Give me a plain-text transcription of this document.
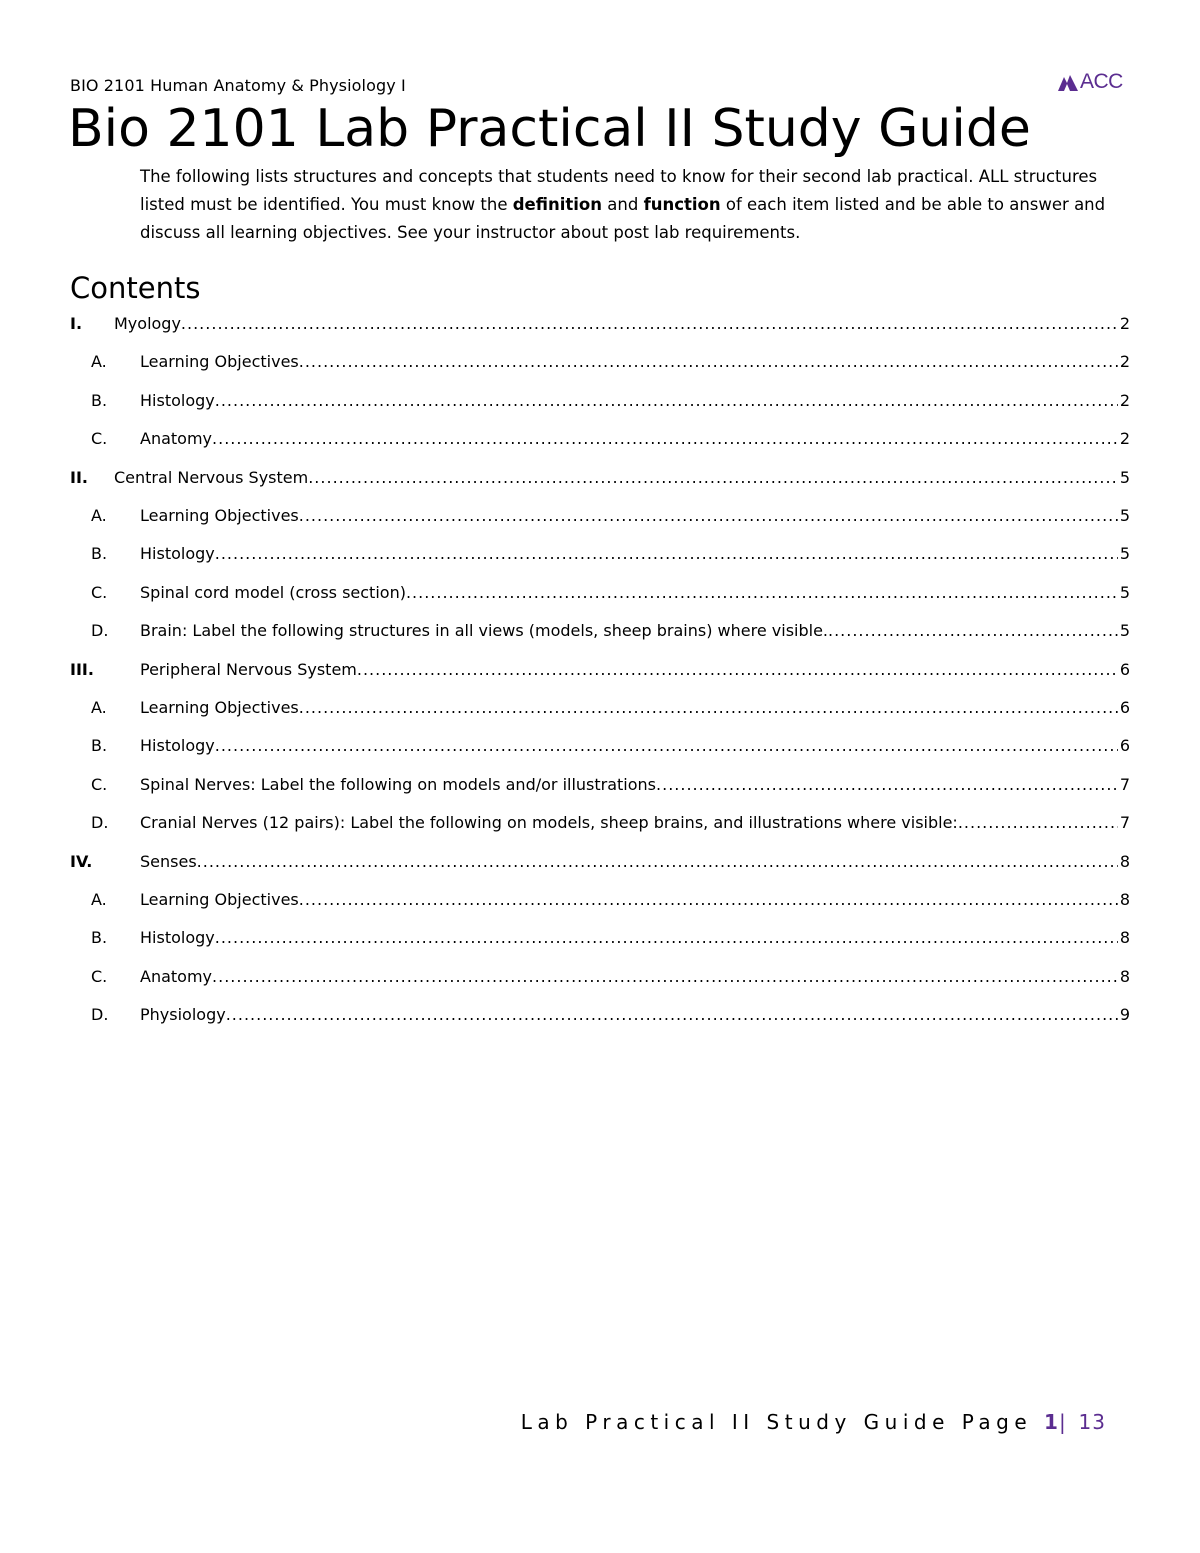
BIO 2101 Human Anatomy & Physiology I	ACC
Bio 2101 Lab Practical II Study Guide
The following lists structures and concepts that students need to know for their second lab practical. ALL structures listed must be identified. You must know the definition and function of each item listed and be able to answer and discuss all learning objectives. See your instructor about post lab requirements.
Contents
I. Myology .....	2
A. Learning Objectives .....	2
B. Histology .....	2
C. Anatomy .....	2
II. Central Nervous System .....	5
A. Learning Objectives .....	5
B. Histology .....	5
C. Spinal cord model (cross section) .....	5
D. Brain: Label the following structures in all views (models, sheep brains) where visible. .....	5
III.	Peripheral Nervous System .....	6
A. Learning Objectives .....	6
B. Histology .....	6
C. Spinal Nerves: Label the following on models and/or illustrations .....	7
D. Cranial Nerves (12 pairs): Label the following on models, sheep brains, and illustrations where visible: .....	7
IV.	Senses .....	8
A. Learning Objectives .....	8
B. Histology .....	8
C. Anatomy .....	8
D. Physiology .....	9
Lab Practical II Study Guide Page 1| 13
